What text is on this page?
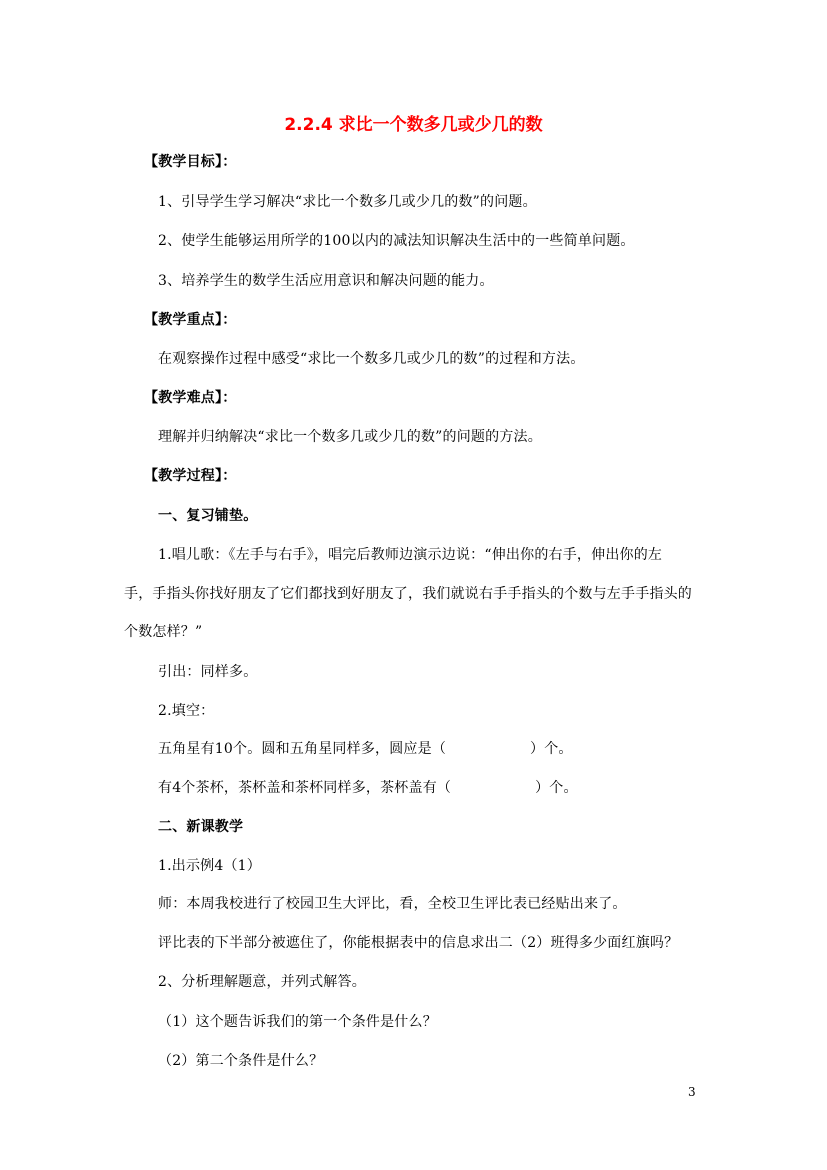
2.2.4 求比一个数多几或少几的数
【教学目标】：
1、引导学生学习解决“求比一个数多几或少几的数”的问题。
2、使学生能够运用所学的100以内的减法知识解决生活中的一些简单问题。
3、培养学生的数学生活应用意识和解决问题的能力。
【教学重点】：
在观察操作过程中感受“求比一个数多几或少几的数”的过程和方法。
【教学难点】：
理解并归纳解决“求比一个数多几或少几的数”的问题的方法。
【教学过程】：
一、复习铺垫。
1.唱儿歌：《左手与右手》，唱完后教师边演示边说：“伸出你的右手，伸出你的左
手，手指头你找好朋友了它们都找到好朋友了，我们就说右手手指头的个数与左手手指头的
个数怎样？”
引出：同样多。
2.填空：
五角星有10个。圆和五角星同样多，圆应是（	）个。
有4个茶杯，茶杯盖和茶杯同样多，茶杯盖有（	）个。
二、新课教学
1.出示例4（1）
师：本周我校进行了校园卫生大评比，看，全校卫生评比表已经贴出来了。
评比表的下半部分被遮住了，你能根据表中的信息求出二（2）班得多少面红旗吗？
2、分析理解题意，并列式解答。
（1）这个题告诉我们的第一个条件是什么？
（2）第二个条件是什么？
3
